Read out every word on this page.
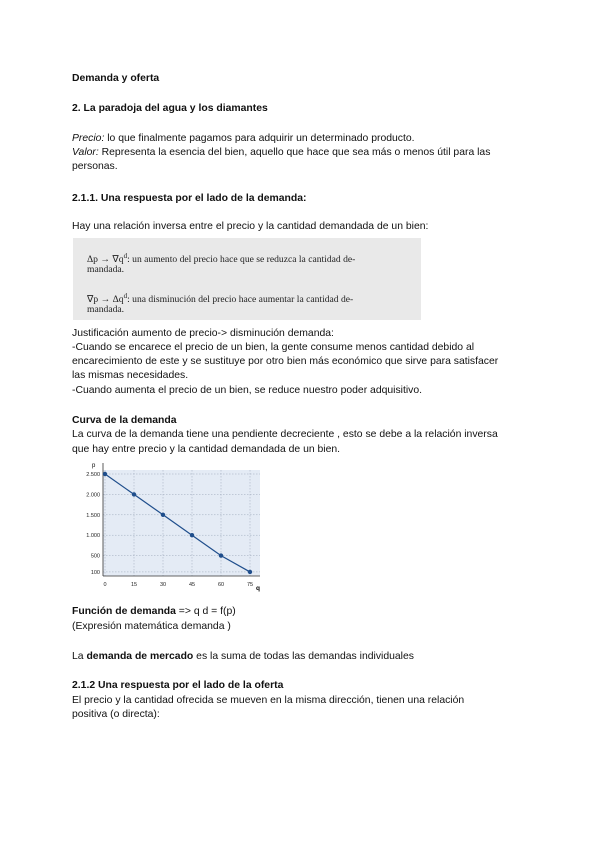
Demanda y oferta
2. La paradoja del agua y los diamantes
Precio: lo que finalmente pagamos para adquirir un determinado producto.
Valor: Representa la esencia del bien, aquello que hace que sea más o menos útil para las
personas.
2.1.1. Una respuesta por el lado de la demanda:
Hay una relación inversa entre el precio y la cantidad demandada de un bien:
$\Delta p \to \nabla q^d$: un aumento del precio hace que se reduzca la cantidad de-
mandada.
$\nabla p \to \Delta q^d$: una disminución del precio hace aumentar la cantidad de-
mandada.
Justificación aumento de precio-> disminución demanda:
-Cuando se encarece el precio de un bien, la gente consume menos cantidad debido al
encarecimiento de este y se sustituye por otro bien más económico que sirve para satisfacer
las mismas necesidades.
-Cuando aumenta el precio de un bien, se reduce nuestro poder adquisitivo.
Curva de la demanda
La curva de la demanda tiene una pendiente decreciente , esto se debe a la relación inversa
que hay entre precio y la cantidad demandada de un bien.
p
q
0	15	30	45	60	75
100
500
1.000
1.500
2.000
2.500
Función de demanda => q d = f(p)
(Expresión matemática demanda )
La demanda de mercado es la suma de todas las demandas individuales
2.1.2 Una respuesta por el lado de la oferta
El precio y la cantidad ofrecida se mueven en la misma dirección, tienen una relación
positiva (o directa):
